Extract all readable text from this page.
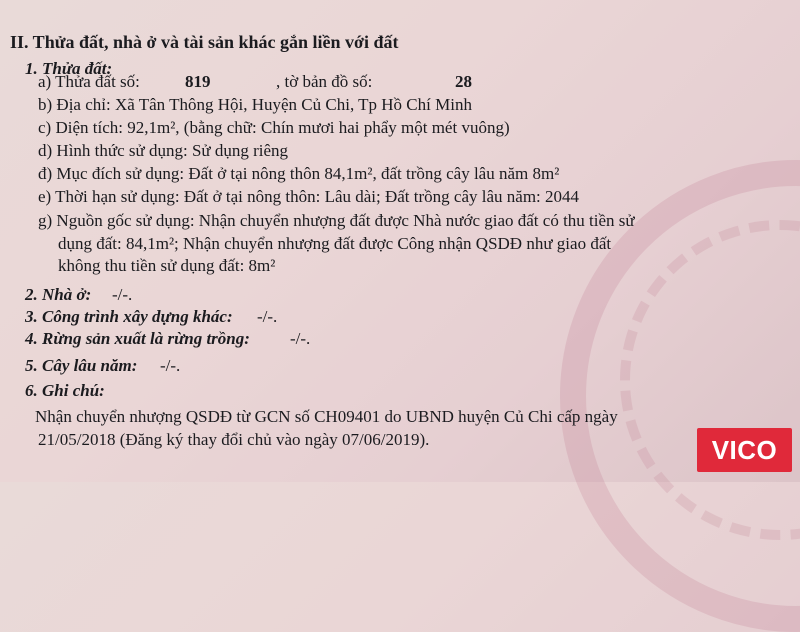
II. Thửa đất, nhà ở và tài sản khác gắn liền với đất
1. Thửa đất:
a) Thửa đất số:	819	, tờ bản đồ số:	28
b) Địa chỉ: Xã Tân Thông Hội, Huyện Củ Chi, Tp Hồ Chí Minh
c) Diện tích: 92,1m², (bằng chữ: Chín mươi hai phẩy một mét vuông)
d) Hình thức sử dụng: Sử dụng riêng
đ) Mục đích sử dụng: Đất ở tại nông thôn 84,1m², đất trồng cây lâu năm 8m²
e) Thời hạn sử dụng: Đất ở tại nông thôn: Lâu dài; Đất trồng cây lâu năm: 2044
g) Nguồn gốc sử dụng: Nhận chuyển nhượng đất được Nhà nước giao đất có thu tiền sử
dụng đất: 84,1m²; Nhận chuyển nhượng đất được Công nhận QSDĐ như giao đất
không thu tiền sử dụng đất: 8m²
2. Nhà ở: -/-.
3. Công trình xây dựng khác: -/-.
4. Rừng sản xuất là rừng trồng: -/-.
5. Cây lâu năm: -/-.
6. Ghi chú:
Nhận chuyển nhượng QSDĐ từ GCN số CH09401 do UBND huyện Củ Chi cấp ngày
21/05/2018 (Đăng ký thay đổi chủ vào ngày 07/06/2019).	VICO
